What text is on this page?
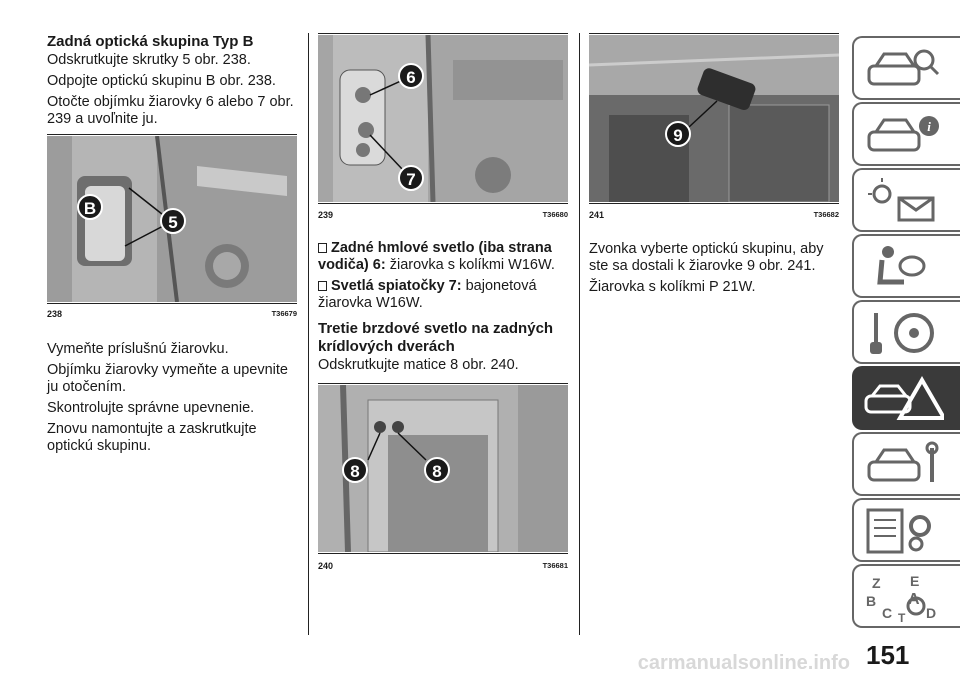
Zadná optická skupina Typ B
Odskrutkujte skrutky 5 obr. 238.
Odpojte optickú skupinu B obr. 238.
Otočte objímku žiarovky 6 alebo 7 obr. 239 a uvoľnite ju.
B
5
238	T36679
Vymeňte príslušnú žiarovku.
Objímku žiarovky vymeňte a upevnite ju otočením.
Skontrolujte správne upevnenie.
Znovu namontujte a zaskrutkujte optickú skupinu.
6
7
239	T36680
Zadné hmlové svetlo (iba strana vodiča) 6: žiarovka s kolíkmi W16W.
Svetlá spiatočky 7: bajonetová žiarovka W16W.
Tretie brzdové svetlo na zadných krídlových dverách
Odskrutkujte matice 8 obr. 240.
8	8
240	T36681
9
241	T36682
Zvonka vyberte optickú skupinu, aby ste sa dostali k žiarovke 9 obr. 241.
Žiarovka s kolíkmi P 21W.
i
Z E
B A
D
C T
151
carmanualsonline.info
